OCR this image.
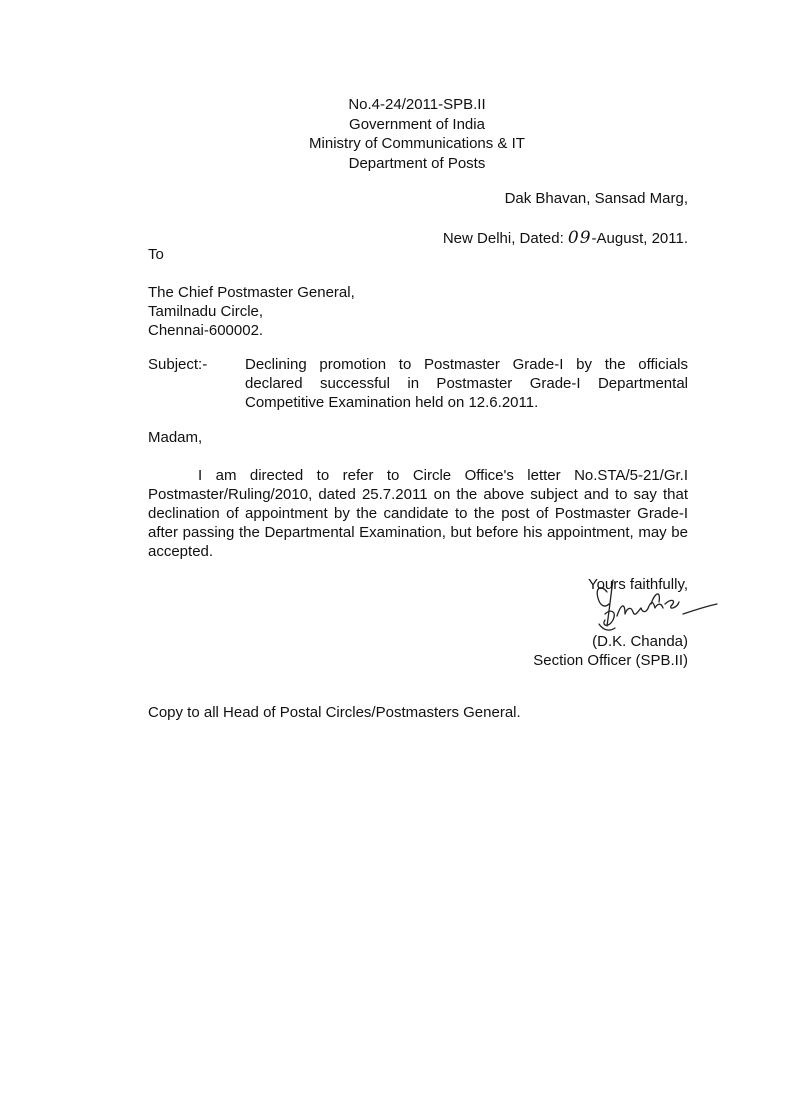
No.4-24/2011-SPB.II
Government of India
Ministry of Communications & IT
Department of Posts
Dak Bhavan, Sansad Marg,
New Delhi, Dated: 09-August, 2011.
To
The Chief Postmaster General,
Tamilnadu Circle,
Chennai-600002.
Subject:-	Declining promotion to Postmaster Grade-I by the officials declared successful in Postmaster Grade-I Departmental Competitive Examination held on 12.6.2011.
Madam,
I am directed to refer to Circle Office's letter No.STA/5-21/Gr.I Postmaster/Ruling/2010, dated 25.7.2011 on the above subject and to say that declination of appointment by the candidate to the post of Postmaster Grade-I after passing the Departmental Examination, but before his appointment, may be accepted.
Yours faithfully,
(D.K. Chanda)
Section Officer (SPB.II)
Copy to all Head of Postal Circles/Postmasters General.
